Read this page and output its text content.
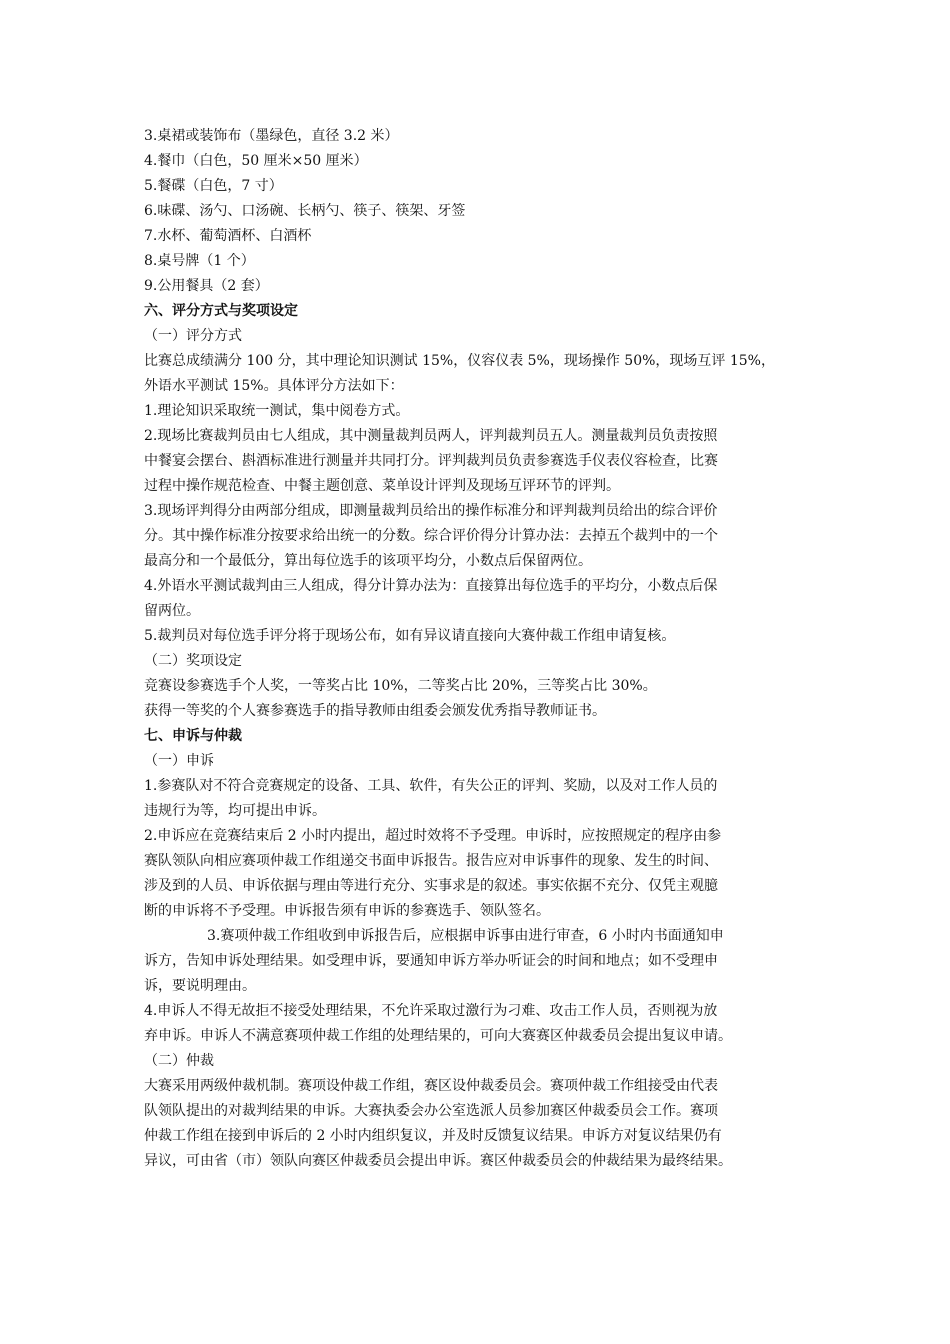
3.桌裙或装饰布（墨绿色，直径 3.2 米）

4.餐巾（白色，50 厘米×50 厘米）

5.餐碟（白色，7 寸）

6.味碟、汤勺、口汤碗、长柄勺、筷子、筷架、牙签

7.水杯、葡萄酒杯、白酒杯

8.桌号牌（1 个）

9.公用餐具（2 套）

六、评分方式与奖项设定

（一）评分方式

比赛总成绩满分 100 分，其中理论知识测试 15%，仪容仪表 5%，现场操作 50%，现场互评 15%，

外语水平测试 15%。具体评分方法如下：

1.理论知识采取统一测试，集中阅卷方式。

2.现场比赛裁判员由七人组成，其中测量裁判员两人，评判裁判员五人。测量裁判员负责按照

中餐宴会摆台、斟酒标准进行测量并共同打分。评判裁判员负责参赛选手仪表仪容检查，比赛

过程中操作规范检查、中餐主题创意、菜单设计评判及现场互评环节的评判。

3.现场评判得分由两部分组成，即测量裁判员给出的操作标准分和评判裁判员给出的综合评价

分。其中操作标准分按要求给出统一的分数。综合评价得分计算办法：去掉五个裁判中的一个

最高分和一个最低分，算出每位选手的该项平均分，小数点后保留两位。

4.外语水平测试裁判由三人组成，得分计算办法为：直接算出每位选手的平均分，小数点后保

留两位。

5.裁判员对每位选手评分将于现场公布，如有异议请直接向大赛仲裁工作组申请复核。

（二）奖项设定

竞赛设参赛选手个人奖，一等奖占比 10%，二等奖占比 20%，三等奖占比 30%。

获得一等奖的个人赛参赛选手的指导教师由组委会颁发优秀指导教师证书。

七、申诉与仲裁

（一）申诉

1.参赛队对不符合竞赛规定的设备、工具、软件，有失公正的评判、奖励，以及对工作人员的

违规行为等，均可提出申诉。

2.申诉应在竞赛结束后 2 小时内提出，超过时效将不予受理。申诉时，应按照规定的程序由参

赛队领队向相应赛项仲裁工作组递交书面申诉报告。报告应对申诉事件的现象、发生的时间、

涉及到的人员、申诉依据与理由等进行充分、实事求是的叙述。事实依据不充分、仅凭主观臆

断的申诉将不予受理。申诉报告须有申诉的参赛选手、领队签名。

3.赛项仲裁工作组收到申诉报告后，应根据申诉事由进行审查，6 小时内书面通知申

诉方，告知申诉处理结果。如受理申诉，要通知申诉方举办听证会的时间和地点；如不受理申

诉，要说明理由。

4.申诉人不得无故拒不接受处理结果，不允许采取过激行为刁难、攻击工作人员，否则视为放

弃申诉。申诉人不满意赛项仲裁工作组的处理结果的，可向大赛赛区仲裁委员会提出复议申请。

（二）仲裁

大赛采用两级仲裁机制。赛项设仲裁工作组，赛区设仲裁委员会。赛项仲裁工作组接受由代表

队领队提出的对裁判结果的申诉。大赛执委会办公室选派人员参加赛区仲裁委员会工作。赛项

仲裁工作组在接到申诉后的 2 小时内组织复议，并及时反馈复议结果。申诉方对复议结果仍有

异议，可由省（市）领队向赛区仲裁委员会提出申诉。赛区仲裁委员会的仲裁结果为最终结果。
